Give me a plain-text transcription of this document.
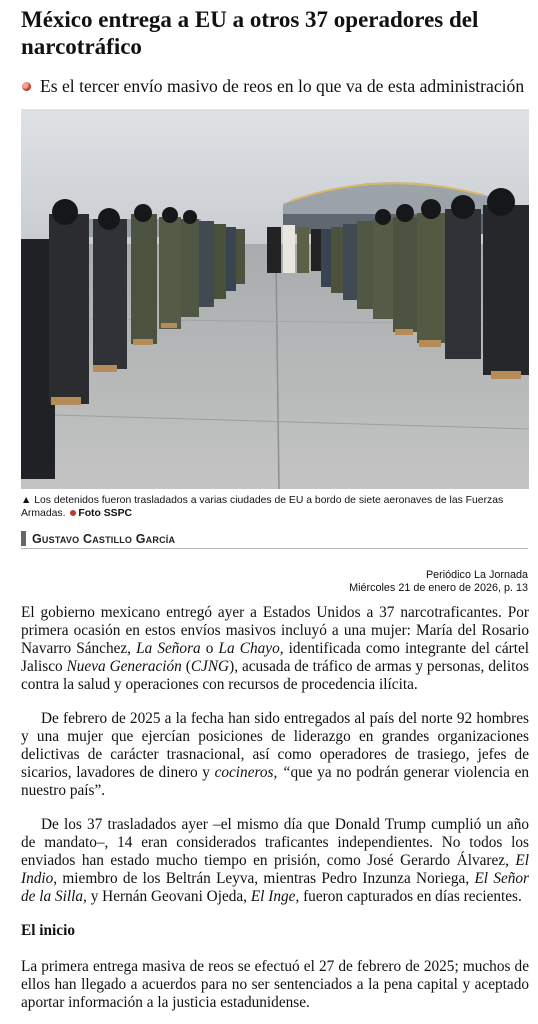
México entrega a EU a otros 37 operadores del narcotráfico
Es el tercer envío masivo de reos en lo que va de esta administración
▲ Los detenidos fueron trasladados a varias ciudades de EU a bordo de siete aeronaves de las Fuerzas Armadas. Foto SSPC
Gustavo Castillo García
Periódico La Jornada
Miércoles 21 de enero de 2026, p. 13

El gobierno mexicano entregó ayer a Estados Unidos a 37 narcotraficantes. Por primera ocasión en estos envíos masivos incluyó a una mujer: María del Rosario Navarro Sánchez, La Señora o La Chayo, identificada como integrante del cártel Jalisco Nueva Generación (CJNG), acusada de tráfico de armas y personas, delitos contra la salud y operaciones con recursos de procedencia ilícita.

De febrero de 2025 a la fecha han sido entregados al país del norte 92 hombres y una mujer que ejercían posiciones de liderazgo en grandes organizaciones delictivas de carácter trasnacional, así como operadores de trasiego, jefes de sicarios, lavadores de dinero y cocineros, “que ya no podrán generar violencia en nuestro país”.

De los 37 trasladados ayer –el mismo día que Donald Trump cumplió un año de mandato–, 14 eran considerados traficantes independientes. No todos los enviados han estado mucho tiempo en prisión, como José Gerardo Álvarez, El Indio, miembro de los Beltrán Leyva, mientras Pedro Inzunza Noriega, El Señor de la Silla, y Hernán Geovani Ojeda, El Inge, fueron capturados en días recientes.

El inicio

La primera entrega masiva de reos se efectuó el 27 de febrero de 2025; muchos de ellos han llegado a acuerdos para no ser sentenciados a la pena capital y aceptado aportar información a la justicia estadunidense.
